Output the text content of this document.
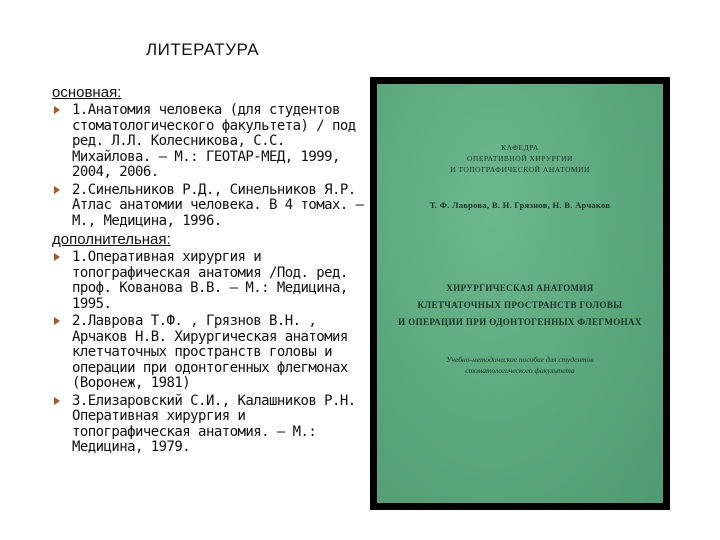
ЛИТЕРАТУРА
основная:
1.Анатомия человека (для студентов стоматологического факультета) / под ред. Л.Л. Колесникова, С.С. Михайлова. – М.: ГЕОТАР-МЕД, 1999, 2004, 2006.
2.Синельников Р.Д., Синельников Я.Р. Атлас анатомии человека. В 4 томах. – М., Медицина, 1996.
дополнительная:
1.Оперативная хирургия и топографическая анатомия /Под. ред. проф. Кованова В.В. – М.: Медицина, 1995.
2.Лаврова Т.Ф. , Грязнов В.Н. , Арчаков Н.В. Хирургическая анатомия клетчаточных пространств головы и операции при одонтогенных флегмонах (Воронеж, 1981)
3.Елизаровский С.И., Калашников Р.Н. Оперативная хирургия и топографическая анатомия. – М.: Медицина, 1979.
КАФЕДРА
ОПЕРАТИВНОЙ ХИРУРГИИ
И ТОПОГРАФИЧЕСКОЙ АНАТОМИИ
Т. Ф. Лаврова, В. Н. Грязнов, Н. В. Арчаков
ХИРУРГИЧЕСКАЯ АНАТОМИЯ
КЛЕТЧАТОЧНЫХ ПРОСТРАНСТВ ГОЛОВЫ
И ОПЕРАЦИИ ПРИ ОДОНТОГЕННЫХ ФЛЕГМОНАХ
Учебно-методическое пособие для студентов
стоматологического факультета
